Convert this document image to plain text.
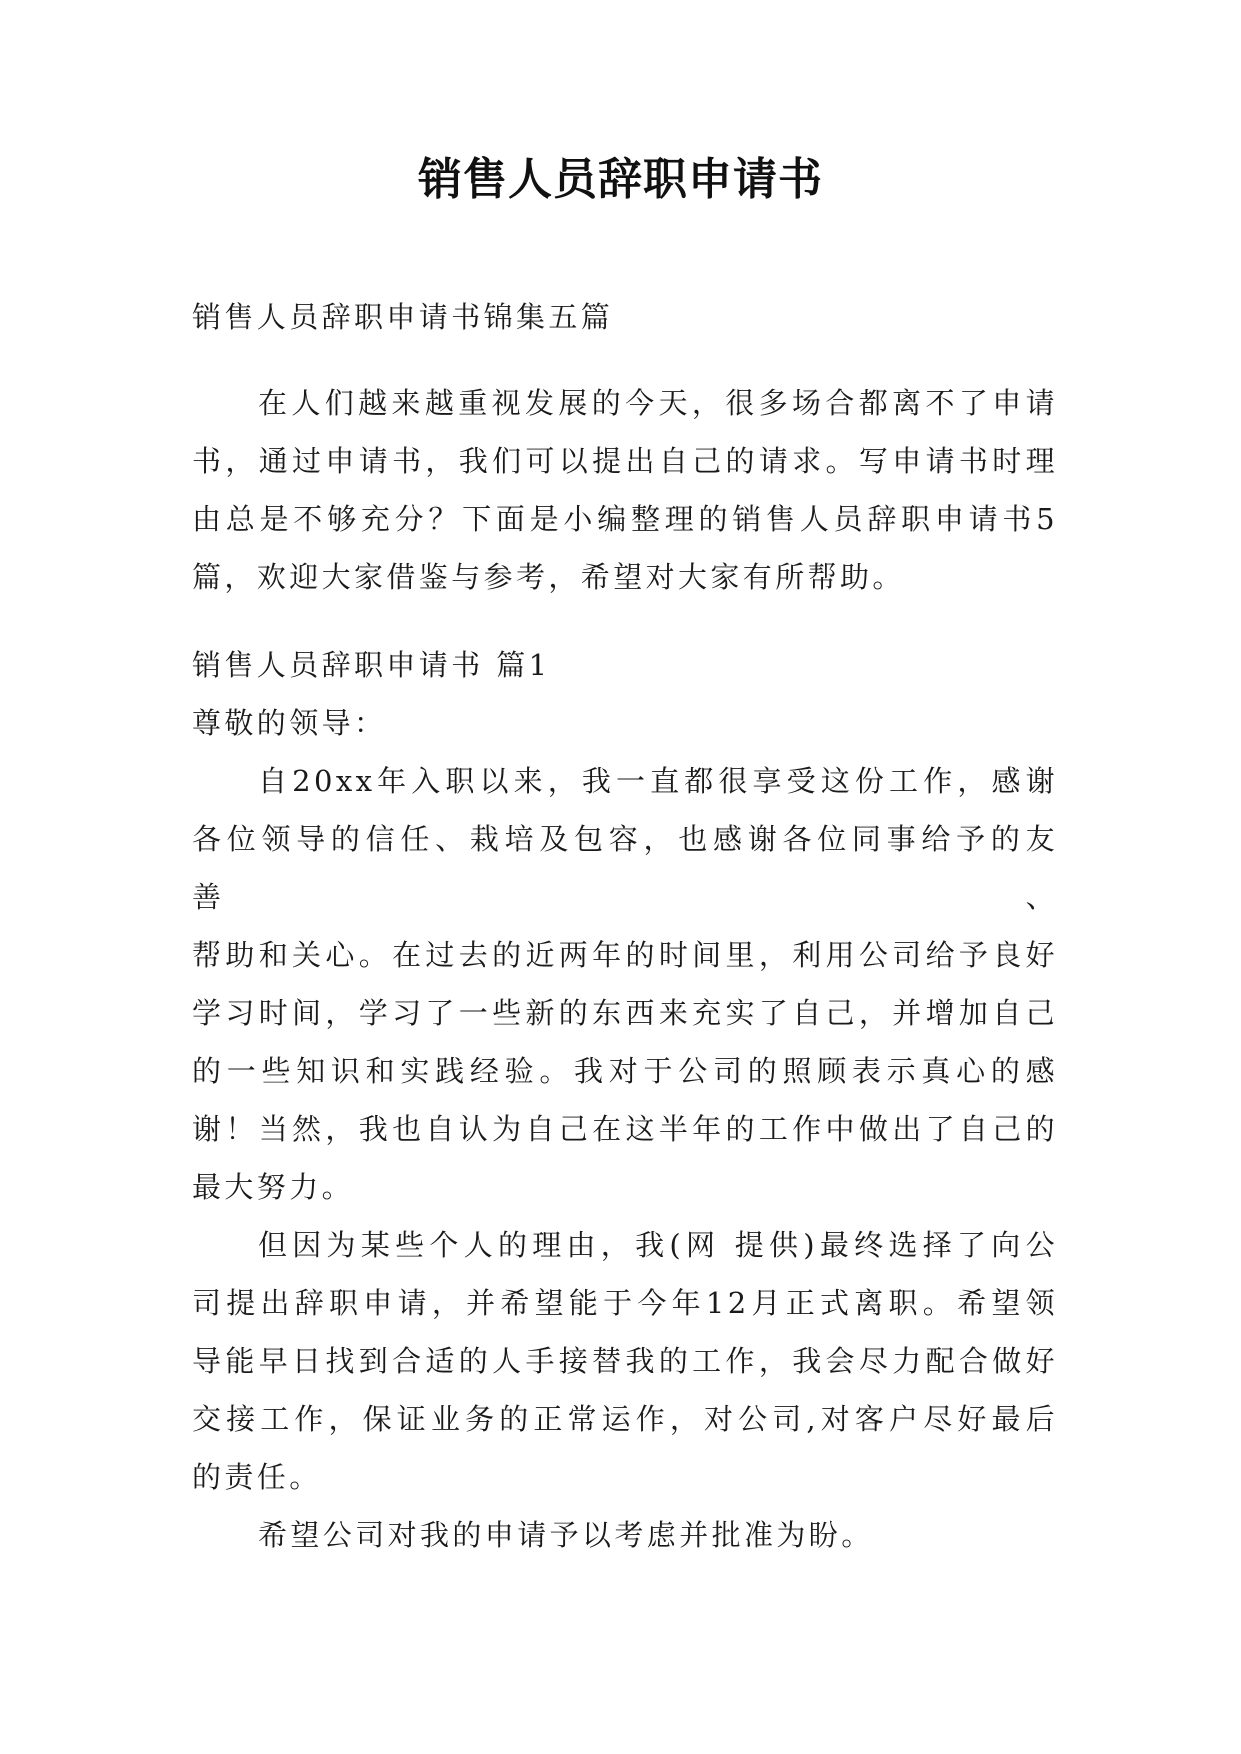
销售人员辞职申请书

销售人员辞职申请书锦集五篇

在人们越来越重视发展的今天，很多场合都离不了申请

书，通过申请书，我们可以提出自己的请求。写申请书时理

由总是不够充分？下面是小编整理的销售人员辞职申请书5

篇，欢迎大家借鉴与参考，希望对大家有所帮助。

销售人员辞职申请书 篇1

尊敬的领导：

自20xx年入职以来，我一直都很享受这份工作，感谢

各位领导的信任、栽培及包容，也感谢各位同事给予的友善、

帮助和关心。在过去的近两年的时间里，利用公司给予良好

学习时间，学习了一些新的东西来充实了自己，并增加自己

的一些知识和实践经验。我对于公司的照顾表示真心的感

谢！当然，我也自认为自己在这半年的工作中做出了自己的

最大努力。

但因为某些个人的理由，我(网 提供)最终选择了向公

司提出辞职申请，并希望能于今年12月正式离职。希望领

导能早日找到合适的人手接替我的工作，我会尽力配合做好

交接工作，保证业务的正常运作，对公司,对客户尽好最后

的责任。

希望公司对我的申请予以考虑并批准为盼。
